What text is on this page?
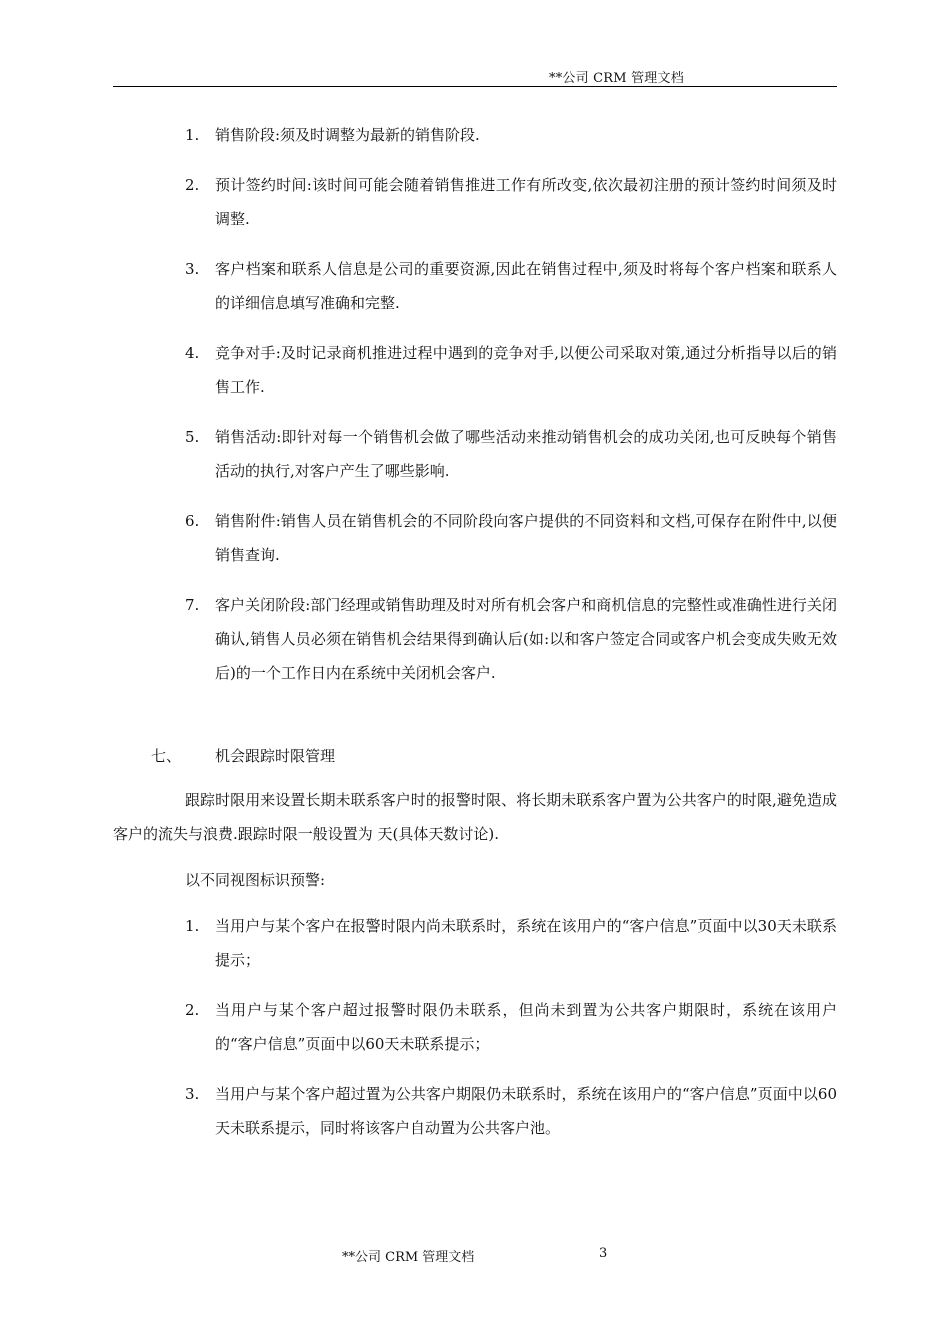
**公司 CRM 管理文档
1. 销售阶段:须及时调整为最新的销售阶段.
2. 预计签约时间:该时间可能会随着销售推进工作有所改变,依次最初注册的预计签约时间须及时调整.
3. 客户档案和联系人信息是公司的重要资源,因此在销售过程中,须及时将每个客户档案和联系人的详细信息填写准确和完整.
4. 竞争对手:及时记录商机推进过程中遇到的竞争对手,以便公司采取对策,通过分析指导以后的销售工作.
5. 销售活动:即针对每一个销售机会做了哪些活动来推动销售机会的成功关闭,也可反映每个销售活动的执行,对客户产生了哪些影响.
6. 销售附件:销售人员在销售机会的不同阶段向客户提供的不同资料和文档,可保存在附件中,以便销售查询.
7. 客户关闭阶段:部门经理或销售助理及时对所有机会客户和商机信息的完整性或准确性进行关闭确认,销售人员必须在销售机会结果得到确认后(如:以和客户签定合同或客户机会变成失败无效后)的一个工作日内在系统中关闭机会客户.
七、 机会跟踪时限管理

跟踪时限用来设置长期未联系客户时的报警时限、将长期未联系客户置为公共客户的时限,避免造成客户的流失与浪费.跟踪时限一般设置为 天(具体天数讨论).

以不同视图标识预警:

1. 当用户与某个客户在报警时限内尚未联系时，系统在该用户的“客户信息”页面中以30天未联系提示；
2. 当用户与某个客户超过报警时限仍未联系，但尚未到置为公共客户期限时，系统在该用户的“客户信息”页面中以60天未联系提示；
3. 当用户与某个客户超过置为公共客户期限仍未联系时，系统在该用户的“客户信息”页面中以60天未联系提示，同时将该客户自动置为公共客户池。
**公司 CRM 管理文档	3
